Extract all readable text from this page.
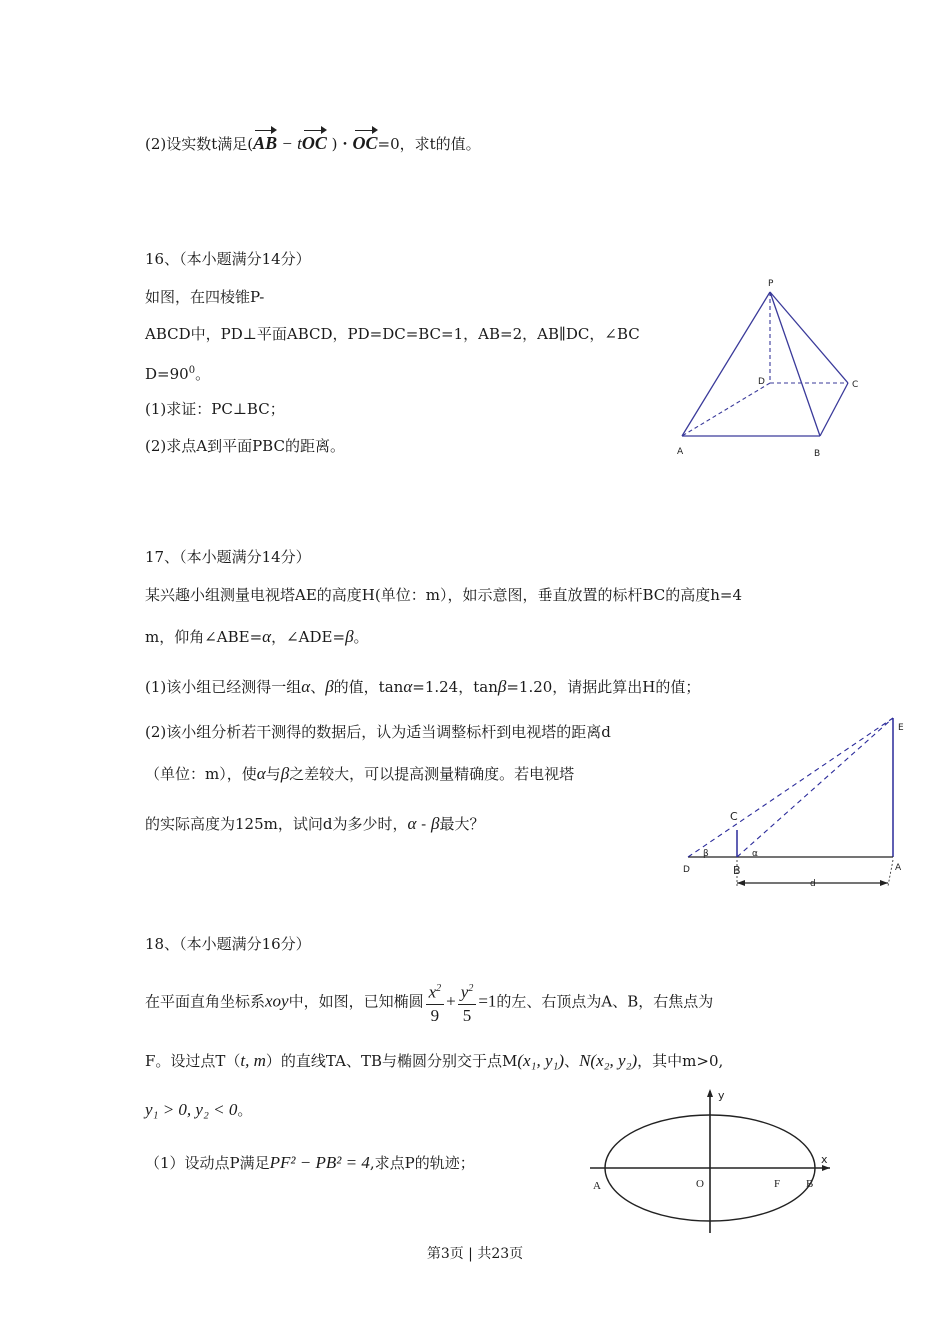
(2)设实数t满足(AB − tOC )・OC=0，求t的值。
16、（本小题满分14分）
如图，在四棱锥P-
ABCD中，PD⊥平面ABCD，PD=DC=BC=1，AB=2，AB∥DC，∠BC
$D=90^0$。
(1)求证：PC⊥BC；
(2)求点A到平面PBC的距离。
P
D	C
A	B
17、（本小题满分14分）
某兴趣小组测量电视塔AE的高度H(单位：m），如示意图，垂直放置的标杆BC的高度h=4
m，仰角∠ABE=α，∠ADE=β。
(1)该小组已经测得一组α、β的值，tanα=1.24，tanβ=1.20，请据此算出H的值；
(2)该小组分析若干测得的数据后，认为适当调整标杆到电视塔的距离d
（单位：m），使α与β之差较大，可以提高测量精确度。若电视塔
的实际高度为125m，试问d为多少时，α - β最大？
E
C
D	B	A
β	α
d
18、（本小题满分16分）
在平面直角坐标系xoy中，如图，已知椭圆 $\frac{x^2}{9} + \frac{y^2}{5} =1$的左、右顶点为A、B，右焦点为
F。设过点T（t, m）的直线TA、TB与椭圆分别交于点M(x₁, y₁)、N(x₂, y₂)，其中m>0,
y₁ > 0, y₂ < 0。
（1）设动点P满足PF² − PB² = 4,求点P的轨迹；
y
x
A	O	F B
第3页 | 共23页
